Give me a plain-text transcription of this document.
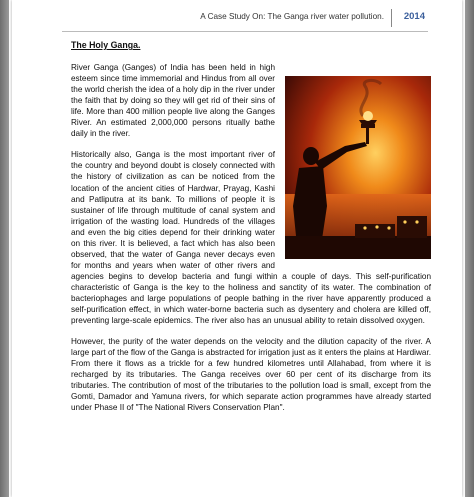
A Case Study On: The Ganga river water pollution. 2014
The Holy Ganga.

River Ganga (Ganges) of India has been held in high esteem since time immemorial and Hindus from all over the world cherish the idea of a holy dip in the river under the faith that by doing so they will get rid of their sins of life. More than 400 million people live along the Ganges River. An estimated 2,000,000 persons ritually bathe daily in the river.

Historically also, Ganga is the most important river of the country and beyond doubt is closely connected with the history of civilization as can be noticed from the location of the ancient cities of Hardwar, Prayag, Kashi and Patliputra at its bank. To millions of people it is sustainer of life through multitude of canal system and irrigation of the wasting load. Hundreds of the villages and even the big cities depend for their drinking water on this river. It is believed, a fact which has also been observed, that the water of Ganga never decays even for months and years when water of other rivers and agencies begins to develop bacteria and fungi within a couple of days. This self-purification characteristic of Ganga is the key to the holiness and sanctity of its water. The combination of bacteriophages and large populations of people bathing in the river have apparently produced a self-purification effect, in which water-borne bacteria such as dysentery and cholera are killed off, preventing large-scale epidemics. The river also has an unusual ability to retain dissolved oxygen.

However, the purity of the water depends on the velocity and the dilution capacity of the river. A large part of the flow of the Ganga is abstracted for irrigation just as it enters the plains at Hardiwar. From there it flows as a trickle for a few hundred kilometres until Allahabad, from where it is recharged by its tributaries. The Ganga receives over 60 per cent of its discharge from its tributaries. The contribution of most of the tributaries to the pollution load is small, except from the Gomti, Damador and Yamuna rivers, for which separate action programmes have already started under Phase II of "The National Rivers Conservation Plan".
